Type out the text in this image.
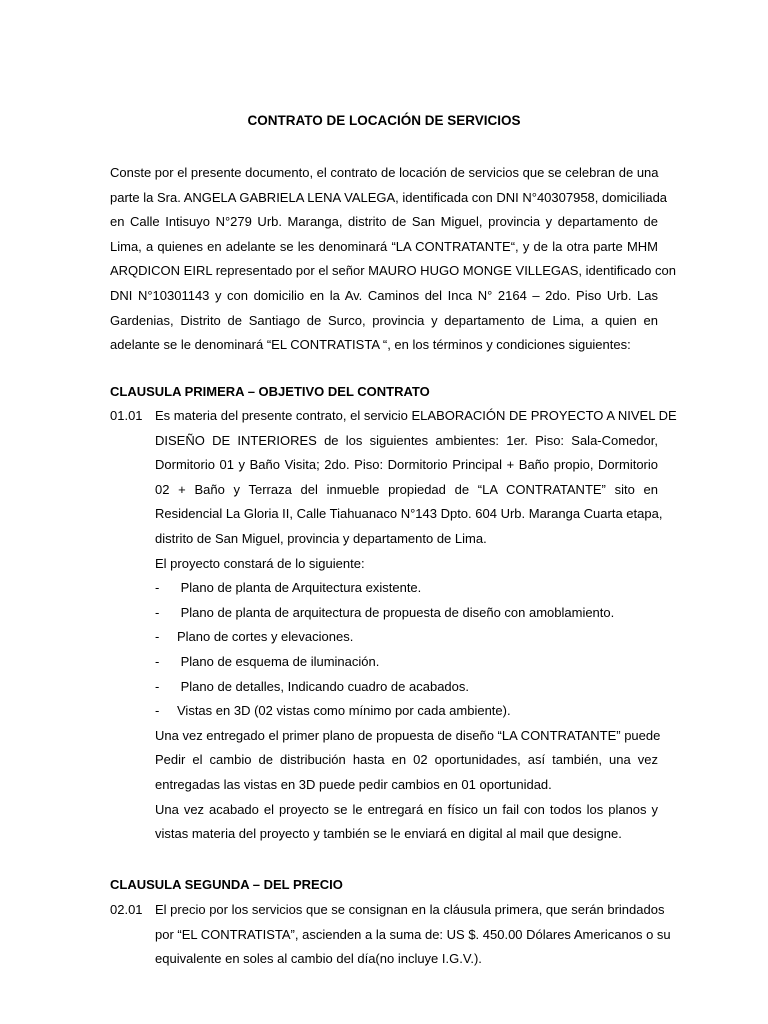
CONTRATO DE LOCACIÓN DE SERVICIOS
Conste por el presente documento, el contrato de locación de servicios que se celebran de una
parte la Sra. ANGELA GABRIELA LENA VALEGA, identificada con DNI N°40307958, domiciliada
en Calle Intisuyo N°279 Urb. Maranga, distrito de San Miguel, provincia y departamento de
Lima, a quienes en adelante se les denominará “LA CONTRATANTE“, y de la otra parte MHM
ARQDICON EIRL representado por el señor MAURO HUGO MONGE VILLEGAS, identificado con
DNI N°10301143 y con domicilio en la Av. Caminos del Inca N° 2164 – 2do. Piso Urb. Las
Gardenias, Distrito de Santiago de Surco, provincia y departamento de Lima, a quien en
adelante se le denominará “EL CONTRATISTA “, en los términos y condiciones siguientes:
CLAUSULA PRIMERA – OBJETIVO DEL CONTRATO
01.01 Es materia del presente contrato, el servicio ELABORACIÓN DE PROYECTO A NIVEL DE
DISEÑO DE INTERIORES de los siguientes ambientes: 1er. Piso: Sala-Comedor,
Dormitorio 01 y Baño Visita; 2do. Piso: Dormitorio Principal + Baño propio, Dormitorio
02 + Baño y Terraza del inmueble propiedad de “LA CONTRATANTE” sito en
Residencial La Gloria II, Calle Tiahuanaco N°143 Dpto. 604 Urb. Maranga Cuarta etapa,
distrito de San Miguel, provincia y departamento de Lima.
El proyecto constará de lo siguiente:
- Plano de planta de Arquitectura existente.
- Plano de planta de arquitectura de propuesta de diseño con amoblamiento.
- Plano de cortes y elevaciones.
- Plano de esquema de iluminación.
- Plano de detalles, Indicando cuadro de acabados.
- Vistas en 3D (02 vistas como mínimo por cada ambiente).
Una vez entregado el primer plano de propuesta de diseño “LA CONTRATANTE” puede
Pedir el cambio de distribución hasta en 02 oportunidades, así también, una vez
entregadas las vistas en 3D puede pedir cambios en 01 oportunidad.
Una vez acabado el proyecto se le entregará en físico un fail con todos los planos y
vistas materia del proyecto y también se le enviará en digital al mail que designe.
CLAUSULA SEGUNDA – DEL PRECIO
02.01 El precio por los servicios que se consignan en la cláusula primera, que serán brindados
por “EL CONTRATISTA”, ascienden a la suma de: US $. 450.00 Dólares Americanos o su
equivalente en soles al cambio del día(no incluye I.G.V.).
